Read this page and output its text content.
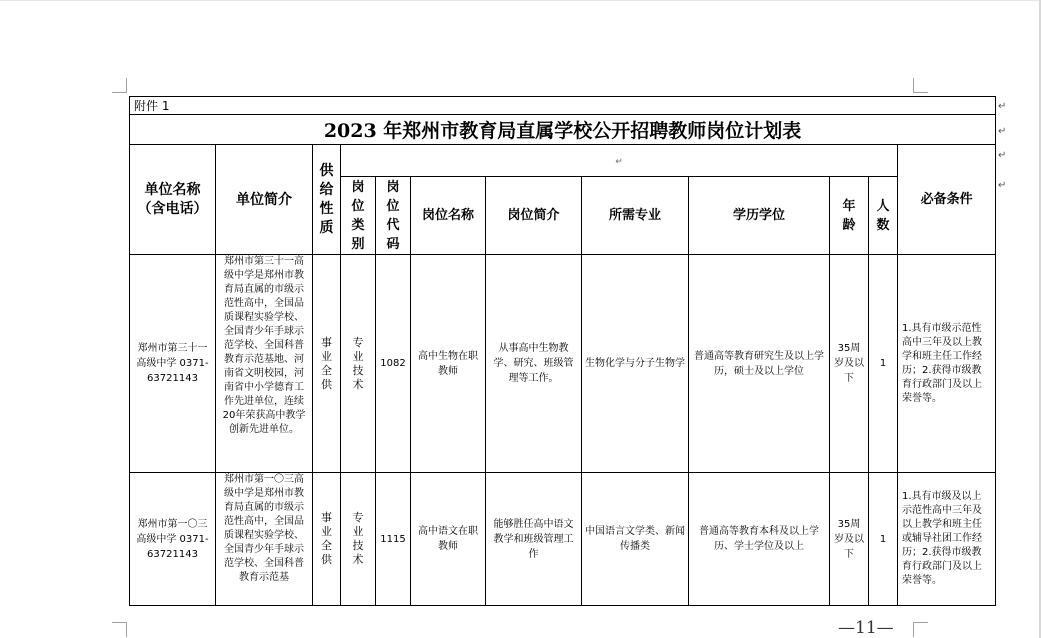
附件 1											
2023 年郑州市教育局直属学校公开招聘教师岗位计划表											
单位名称（含电话）	单位简介	供给性质	↵								必备条件
			岗位类别	岗位代码	岗位名称	岗位简介	所需专业	学历学位	年龄	人数	
郑州市第三十一高级中学 0371-63721143	郑州市第三十一高级中学是郑州市教育局直属的市级示范性高中，全国品质课程实验学校、全国青少年手球示范学校、全国科普教育示范基地、河南省文明校园，河南省中小学德育工作先进单位，连续20年荣获高中教学创新先进单位。	事业全供	专业技术	1082	高中生物在职教师	从事高中生物教学、研究、班级管理等工作。	生物化学与分子生物学	普通高等教育研究生及以上学历，硕士及以上学位	35周岁及以下	1	1.具有市级示范性高中三年及以上教学和班主任工作经历；2.获得市级教育行政部门及以上荣誉等。
郑州市第一〇三高级中学 0371-63721143	郑州市第一〇三高级中学是郑州市教育局直属的市级示范性高中，全国品质课程实验学校、全国青少年手球示范学校、全国科普教育示范基	事业全供	专业技术	1115	高中语文在职教师	能够胜任高中语文教学和班级管理工作	中国语言文学类、新闻传播类	普通高等教育本科及以上学历、学士学位及以上	35周岁及以下	1	1.具有市级及以上示范性高中三年及以上教学和班主任或辅导社团工作经历；2.获得市级教育行政部门及以上荣誉等。
↵
↵
↵
↵
—11—
